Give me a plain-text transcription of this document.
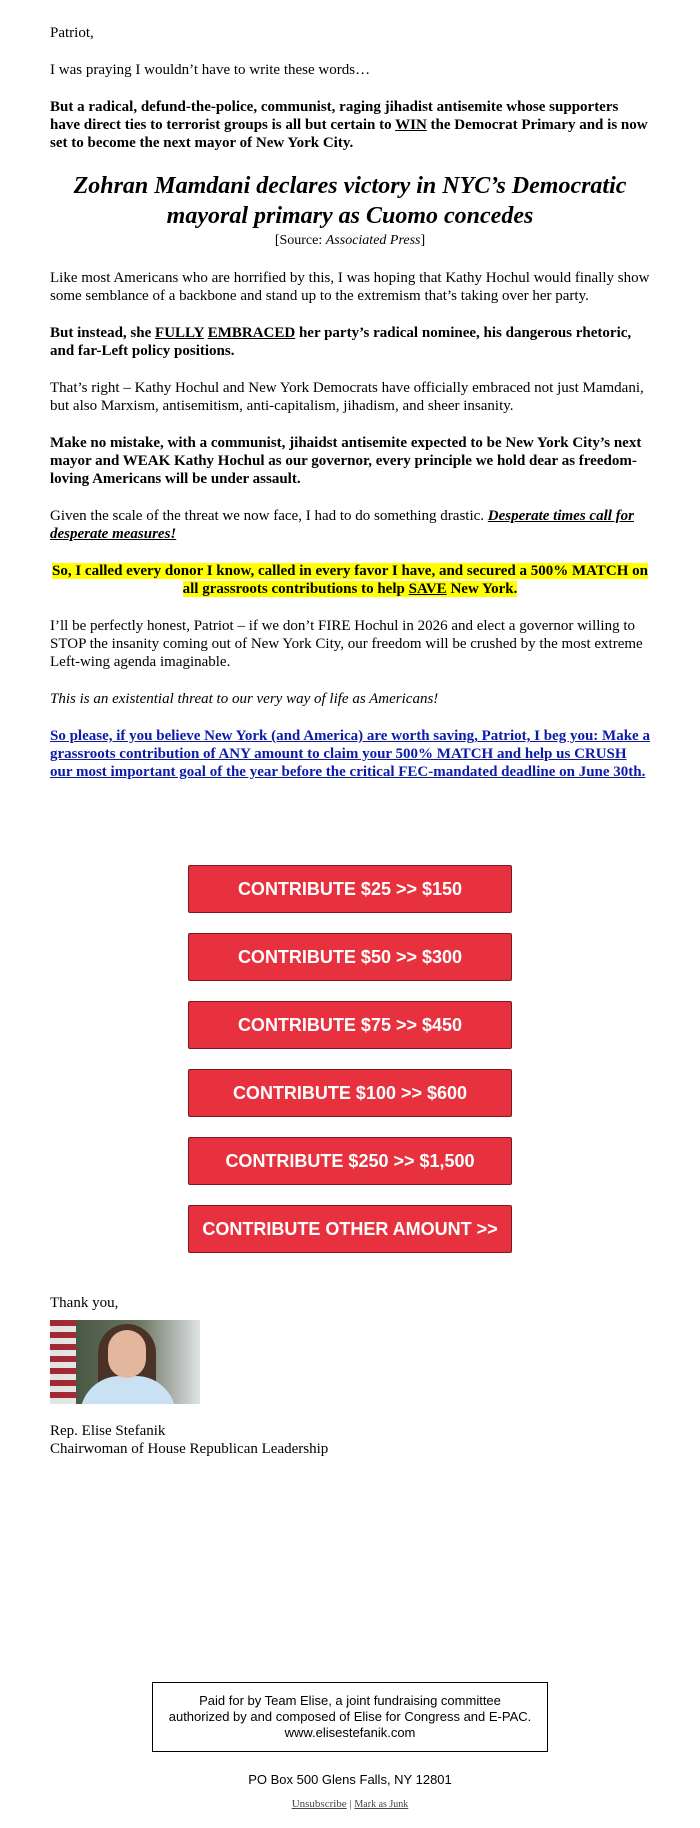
Patriot,

I was praying I wouldn’t have to write these words…

But a radical, defund-the-police, communist, raging jihadist antisemite whose supporters have direct ties to terrorist groups is all but certain to WIN the Democrat Primary and is now set to become the next mayor of New York City.

Zohran Mamdani declares victory in NYC’s Democratic mayoral primary as Cuomo concedes
[Source: Associated Press]

Like most Americans who are horrified by this, I was hoping that Kathy Hochul would finally show some semblance of a backbone and stand up to the extremism that’s taking over her party.

But instead, she FULLY EMBRACED her party’s radical nominee, his dangerous rhetoric, and far-Left policy positions.

That’s right – Kathy Hochul and New York Democrats have officially embraced not just Mamdani, but also Marxism, antisemitism, anti-capitalism, jihadism, and sheer insanity.

Make no mistake, with a communist, jihaidst antisemite expected to be New York City’s next mayor and WEAK Kathy Hochul as our governor, every principle we hold dear as freedom-loving Americans will be under assault.

Given the scale of the threat we now face, I had to do something drastic. Desperate times call for desperate measures!

So, I called every donor I know, called in every favor I have, and secured a 500% MATCH on all grassroots contributions to help SAVE New York.

I’ll be perfectly honest, Patriot – if we don’t FIRE Hochul in 2026 and elect a governor willing to STOP the insanity coming out of New York City, our freedom will be crushed by the most extreme Left-wing agenda imaginable.

This is an existential threat to our very way of life as Americans!

So please, if you believe New York (and America) are worth saving, Patriot, I beg you: Make a grassroots contribution of ANY amount to claim your 500% MATCH and help us CRUSH our most important goal of the year before the critical FEC-mandated deadline on June 30th.

CONTRIBUTE $25 >> $150
CONTRIBUTE $50 >> $300
CONTRIBUTE $75 >> $450
CONTRIBUTE $100 >> $600
CONTRIBUTE $250 >> $1,500
CONTRIBUTE OTHER AMOUNT >>
Thank you,
Rep. Elise Stefanik
Chairwoman of House Republican Leadership
Paid for by Team Elise, a joint fundraising committee authorized by and composed of Elise for Congress and E-PAC. www.elisestefanik.com
PO Box 500 Glens Falls, NY 12801
Unsubscribe | Mark as Junk
